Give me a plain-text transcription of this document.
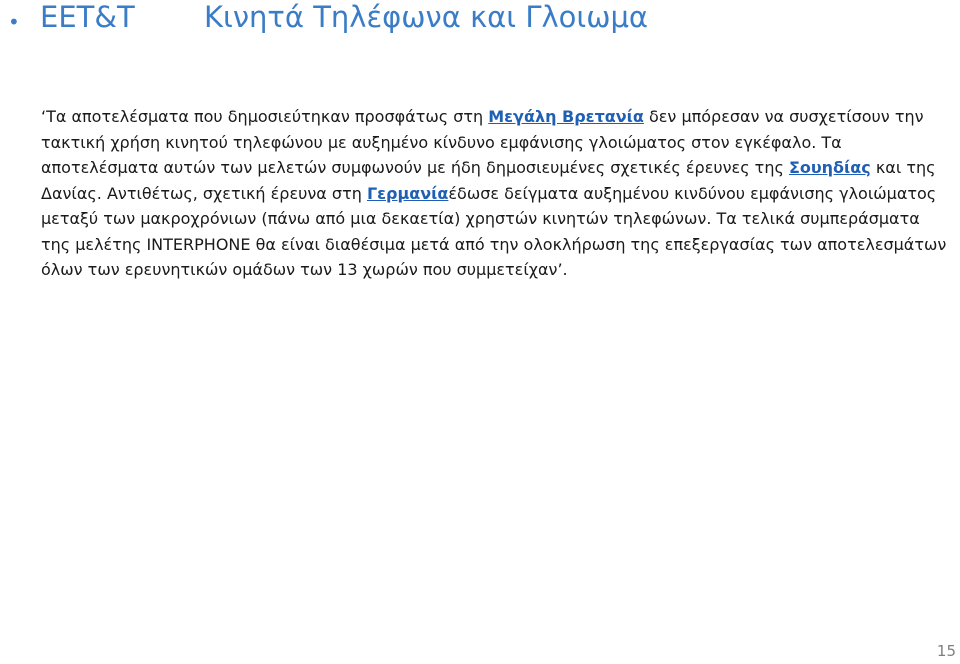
• ΕΕΤ&Τ Κινητά Τηλέφωνα και Γλοιωμα

‘Τα αποτελέσματα που δημοσιεύτηκαν προσφάτως στη Μεγάλη Βρετανία δεν μπόρεσαν να συσχετίσουν την τακτική χρήση κινητού τηλεφώνου με αυξημένο κίνδυνο εμφάνισης γλοιώματος στον εγκέφαλο. Τα αποτελέσματα αυτών των μελετών συμφωνούν με ήδη δημοσιευμένες σχετικές έρευνες της Σουηδίας και της Δανίας. Αντιθέτως, σχετική έρευνα στη Γερμανίαέδωσε δείγματα αυξημένου κινδύνου εμφάνισης γλοιώματος μεταξύ των μακροχρόνιων (πάνω από μια δεκαετία) χρηστών κινητών τηλεφώνων. Τα τελικά συμπεράσματα της μελέτης INTERPHONE θα είναι διαθέσιμα μετά από την ολοκλήρωση της επεξεργασίας των αποτελεσμάτων όλων των ερευνητικών ομάδων των 13 χωρών που συμμετείχαν’.

15
